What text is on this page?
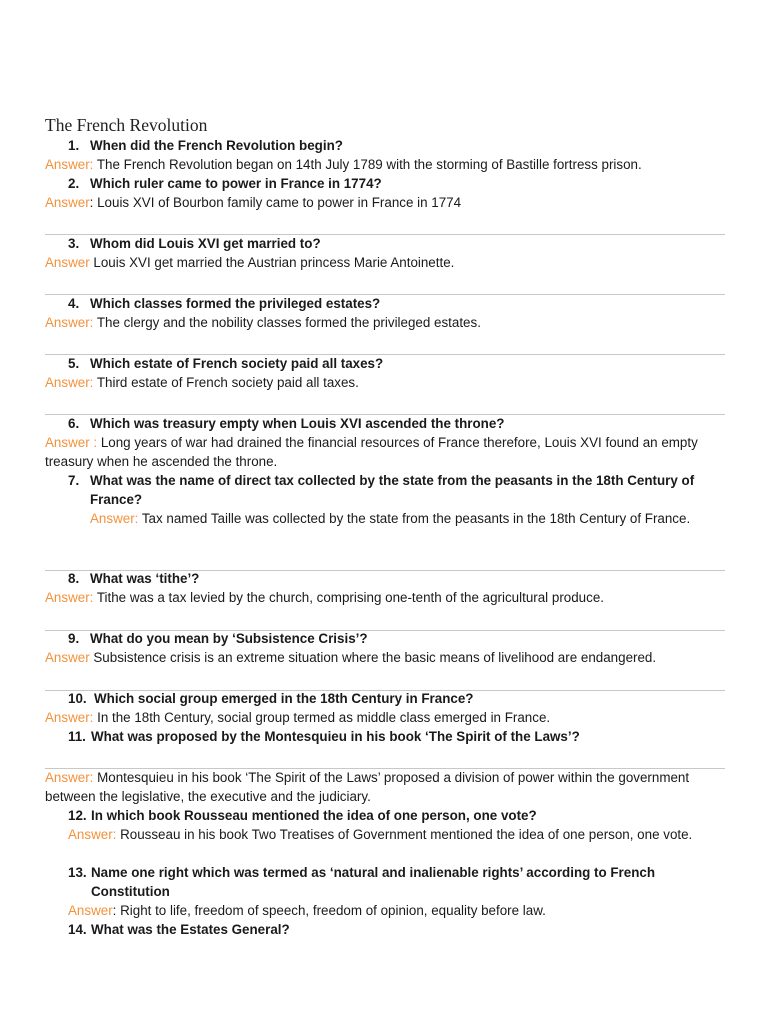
The French Revolution
1. When did the French Revolution begin?

Answer: The French Revolution began on 14th July 1789 with the storming of Bastille fortress prison.

2. Which ruler came to power in France in 1774?

Answer: Louis XVI of Bourbon family came to power in France in 1774

3. Whom did Louis XVI get married to?

Answer Louis XVI get married the Austrian princess Marie Antoinette.

4. Which classes formed the privileged estates?

Answer: The clergy and the nobility classes formed the privileged estates.

5. Which estate of French society paid all taxes?

Answer: Third estate of French society paid all taxes.

6. Which was treasury empty when Louis XVI ascended the throne?

Answer : Long years of war had drained the financial resources of France therefore, Louis XVI found an empty treasury when he ascended the throne.

7. What was the name of direct tax collected by the state from the peasants in the 18th Century of France?

Answer: Tax named Taille was collected by the state from the peasants in the 18th Century of France.

8. What was ‘tithe’?

Answer: Tithe was a tax levied by the church, comprising one-tenth of the agricultural produce.

9. What do you mean by ‘Subsistence Crisis’?

Answer Subsistence crisis is an extreme situation where the basic means of livelihood are endangered.

10. Which social group emerged in the 18th Century in France?

Answer: In the 18th Century, social group termed as middle class emerged in France.

11. What was proposed by the Montesquieu in his book ‘The Spirit of the Laws’?

Answer: Montesquieu in his book ‘The Spirit of the Laws’ proposed a division of power within the government between the legislative, the executive and the judiciary.

12. In which book Rousseau mentioned the idea of one person, one vote?

Answer: Rousseau in his book Two Treatises of Government mentioned the idea of one person, one vote.

13. Name one right which was termed as ‘natural and inalienable rights’ according to French Constitution

Answer: Right to life, freedom of speech, freedom of opinion, equality before law.

14. What was the Estates General?
